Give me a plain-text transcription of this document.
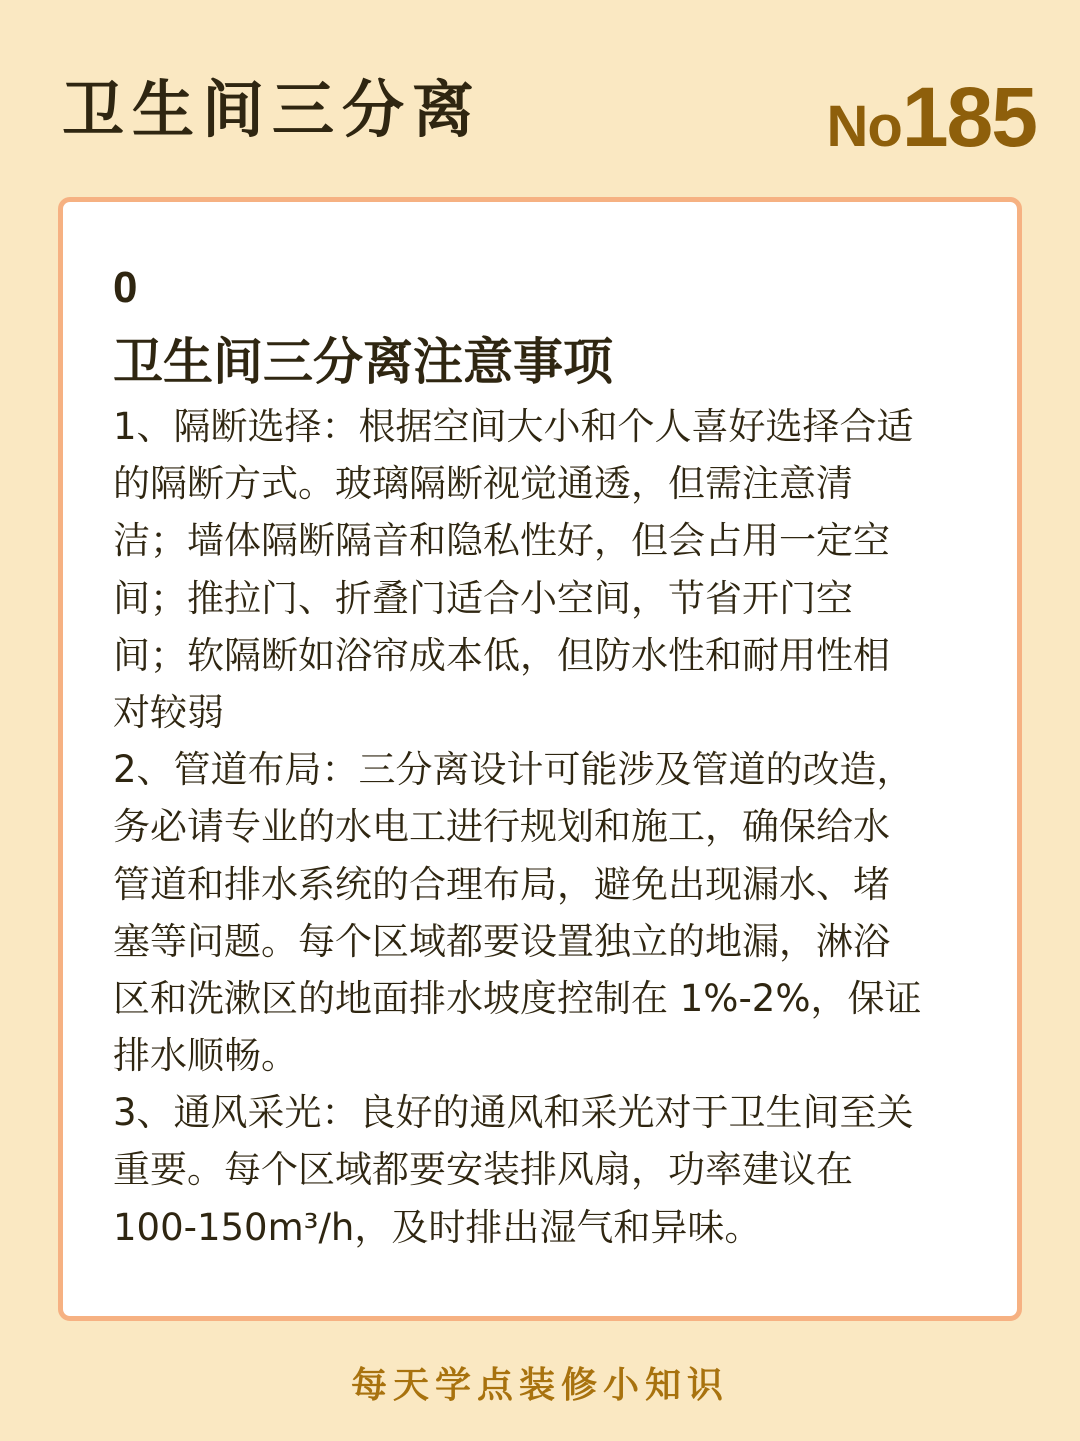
卫生间三分离	No185
0
卫生间三分离注意事项
1、隔断选择：根据空间大小和个人喜好选择合适
的隔断方式。玻璃隔断视觉通透，但需注意清
洁；墙体隔断隔音和隐私性好，但会占用一定空
间；推拉门、折叠门适合小空间，节省开门空
间；软隔断如浴帘成本低，但防水性和耐用性相
对较弱
2、管道布局：三分离设计可能涉及管道的改造，
务必请专业的水电工进行规划和施工，确保给水
管道和排水系统的合理布局，避免出现漏水、堵
塞等问题。每个区域都要设置独立的地漏，淋浴
区和洗漱区的地面排水坡度控制在 1%-2%，保证
排水顺畅。
3、通风采光：良好的通风和采光对于卫生间至关
重要。每个区域都要安装排风扇，功率建议在
100-150m³/h，及时排出湿气和异味。
每天学点装修小知识
